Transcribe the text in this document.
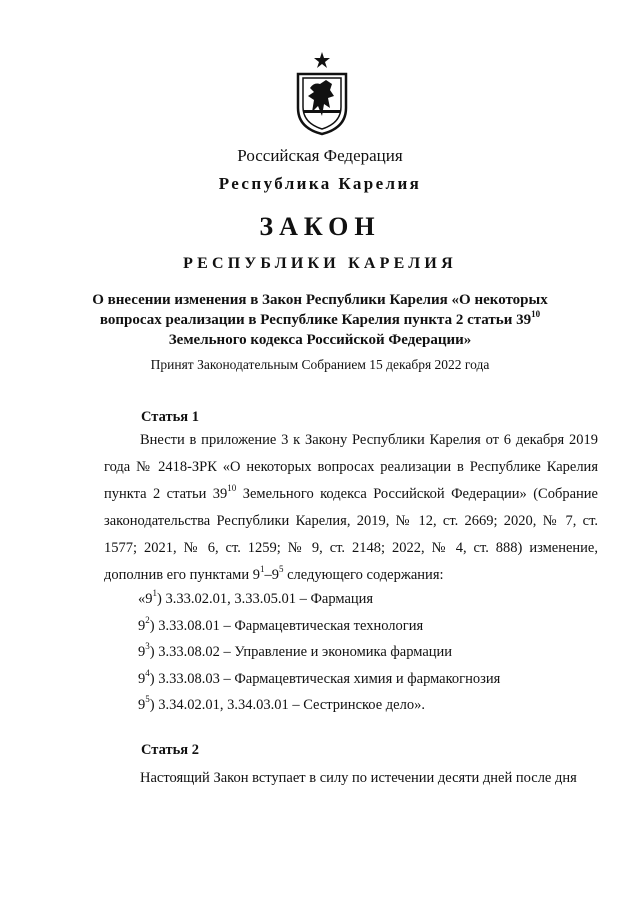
Российская Федерация
Республика Карелия
ЗАКОН
РЕСПУБЛИКИ КАРЕЛИЯ
О внесении изменения в Закон Республики Карелия «О некоторых
вопросах реализации в Республике Карелия пункта 2 статьи $39^{10}$
Земельного кодекса Российской Федерации»
Принят Законодательным Собранием 15 декабря 2022 года
Статья 1
Внести в приложение 3 к Закону Республики Карелия от 6 декабря 2019 года № 2418-ЗРК «О некоторых вопросах реализации в Республике Карелия пункта 2 статьи $39^{10}$ Земельного кодекса Российской Федерации» (Собрание законодательства Республики Карелия, 2019, № 12, ст. 2669; 2020, № 7, ст. 1577; 2021, № 6, ст. 1259; № 9, ст. 2148; 2022, № 4, ст. 888) изменение, дополнив его пунктами $9^1-9^5$ следующего содержания:
«$9^1$) 3.33.02.01, 3.33.05.01 – Фармация
$9^2$) 3.33.08.01 – Фармацевтическая технология
$9^3$) 3.33.08.02 – Управление и экономика фармации
$9^4$) 3.33.08.03 – Фармацевтическая химия и фармакогнозия
$9^5$) 3.34.02.01, 3.34.03.01 – Сестринское дело».
Статья 2
Настоящий Закон вступает в силу по истечении десяти дней после дня
